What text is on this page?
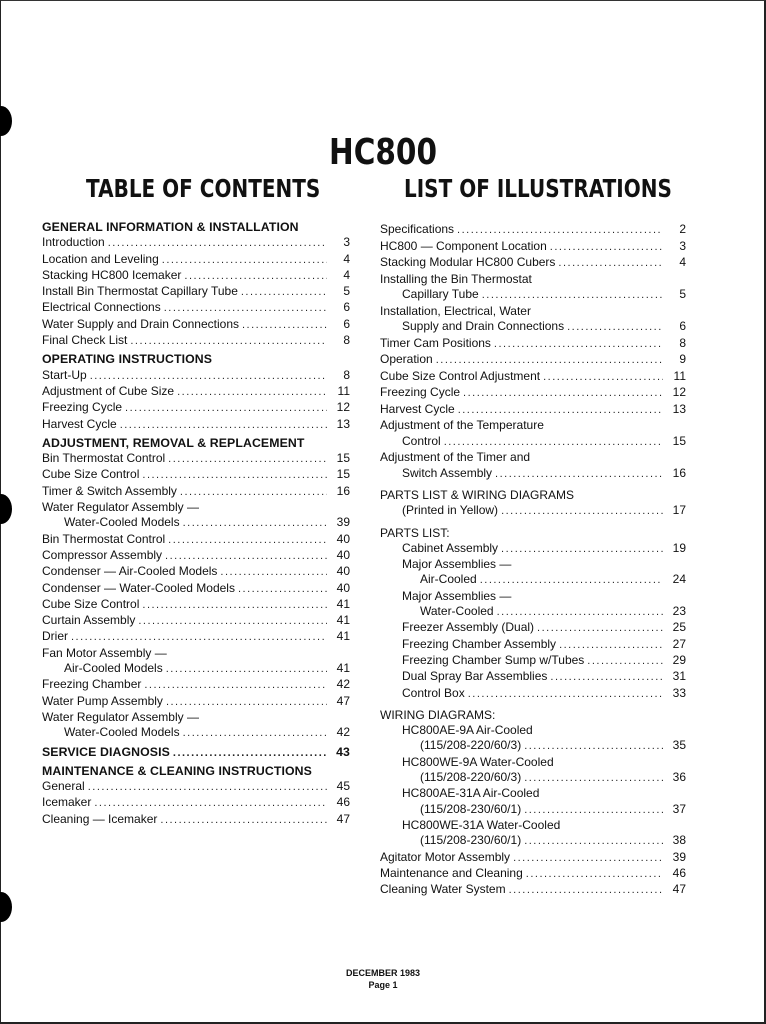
HC800
TABLE OF CONTENTS	LIST OF ILLUSTRATIONS
GENERAL INFORMATION & INSTALLATION
Introduction .....	3
Location and Leveling .....	4
Stacking HC800 Icemaker .....	4
Install Bin Thermostat Capillary Tube .....	5
Electrical Connections .....	6
Water Supply and Drain Connections .....	6
Final Check List .....	8
OPERATING INSTRUCTIONS
Start-Up .....	8
Adjustment of Cube Size .....	11
Freezing Cycle .....	12
Harvest Cycle .....	13
ADJUSTMENT, REMOVAL & REPLACEMENT
Bin Thermostat Control .....	15
Cube Size Control .....	15
Timer & Switch Assembly .....	16
Water Regulator Assembly —
Water-Cooled Models .....	39
Bin Thermostat Control .....	40
Compressor Assembly .....	40
Condenser — Air-Cooled Models .....	40
Condenser — Water-Cooled Models .....	40
Cube Size Control .....	41
Curtain Assembly .....	41
Drier .....	41
Fan Motor Assembly —
Air-Cooled Models .....	41
Freezing Chamber .....	42
Water Pump Assembly .....	47
Water Regulator Assembly —
Water-Cooled Models .....	42
SERVICE DIAGNOSIS .....	43
MAINTENANCE & CLEANING INSTRUCTIONS
General .....	45
Icemaker .....	46
Cleaning — Icemaker .....	47
Specifications .....	2
HC800 — Component Location .....	3
Stacking Modular HC800 Cubers .....	4
Installing the Bin Thermostat
Capillary Tube .....	5
Installation, Electrical, Water
Supply and Drain Connections .....	6
Timer Cam Positions .....	8
Operation .....	9
Cube Size Control Adjustment .....	11
Freezing Cycle .....	12
Harvest Cycle .....	13
Adjustment of the Temperature
Control .....	15
Adjustment of the Timer and
Switch Assembly .....	16
PARTS LIST & WIRING DIAGRAMS
(Printed in Yellow) .....	17
PARTS LIST:
Cabinet Assembly .....	19
Major Assemblies —
Air-Cooled .....	24
Major Assemblies —
Water-Cooled .....	23
Freezer Assembly (Dual) .....	25
Freezing Chamber Assembly .....	27
Freezing Chamber Sump w/Tubes .....	29
Dual Spray Bar Assemblies .....	31
Control Box .....	33
WIRING DIAGRAMS:
HC800AE-9A Air-Cooled
(115/208-220/60/3) .....	35
HC800WE-9A Water-Cooled
(115/208-220/60/3) .....	36
HC800AE-31A Air-Cooled
(115/208-230/60/1) .....	37
HC800WE-31A Water-Cooled
(115/208-230/60/1) .....	38
Agitator Motor Assembly .....	39
Maintenance and Cleaning .....	46
Cleaning Water System .....	47
DECEMBER 1983
Page 1
